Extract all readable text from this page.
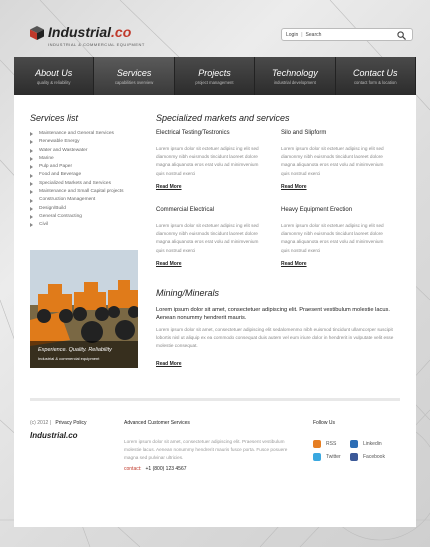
Industrial.co
INDUSTRIAL & COMMERCIAL EQUIPMENT
Login | Search
About Us
quality & reliability
Services
capabilities overview
Projects
project management
Technology
industrial development
Contact Us
contact form & location
Services list
Maintenance and General Services
Renewable Energy
Water and Wastewater
Marine
Pulp and Paper
Food and Beverage
Specialized Markets and Services
Maintenance and Small Capital projects
Construction Management
Design/Build
General Contracting
Civil
Experience. Quality. Reliability
Industrial & commercial equipment
Specialized markets and services
Electrical Testing/Testronics
Lorem ipsum dolor sit ectetuer adipisc ing elit sed diamonmy nibh euismods tincidunt laoreet dolore magna aliquanota eros erat volu ad minimvenium quis nostrud exerci
Read More
Silo and Slipform
Lorem ipsum dolor sit ectetuer adipisc ing elit sed diamonmy nibh euismods tincidunt laoreet dolore magna aliquanota eros erat volu ad minimvenium quis nostrud exerci
Read More
Commercial Electrical
Lorem ipsum dolor sit ectetuer adipisc ing elit sed diamonmy nibh euismods tincidunt laoreet dolore magna aliquanota eros erat volu ad minimvenium quis nostrud exerci
Read More
Heavy Equipment Erection
Lorem ipsum dolor sit ectetuer adipisc ing elit sed diamonmy nibh euismods tincidunt laoreet dolore magna aliquanota eros erat volu ad minimvenium quis nostrud exerci
Read More
Mining/Minerals
Lorem ipsum dolor sit amet, consectetuer adipiscing elit. Praesent vestibulum molestie lacus. Aenean nonummy hendrerit mauris.
Lorem ipsum dolor sit amet, consectetuer adipiscing elit sedalomenmo nibh euismod tincidunt ullamcorper suscipit lobortis nisl ut aliquip ex ea commodo consequat duis autem vel eum iriure dolor in hendrerit in vulputate velit esse molestie consequat.
Read More
(c) 2012 | Privacy Policy
Industrial.co
Advanced Customer Services
Lorem ipsum dolor sit amet, consectetuer adipiscing elit. Praesent vestibulum molestie lacus. Aenean nonummy hendrerit mauris fusce porta. Fusce posuere magna sed pulvinar ultricies.
contact: +1 (800) 123 4567
Follow Us
RSS	Linkedin
Twitter	Facebook
